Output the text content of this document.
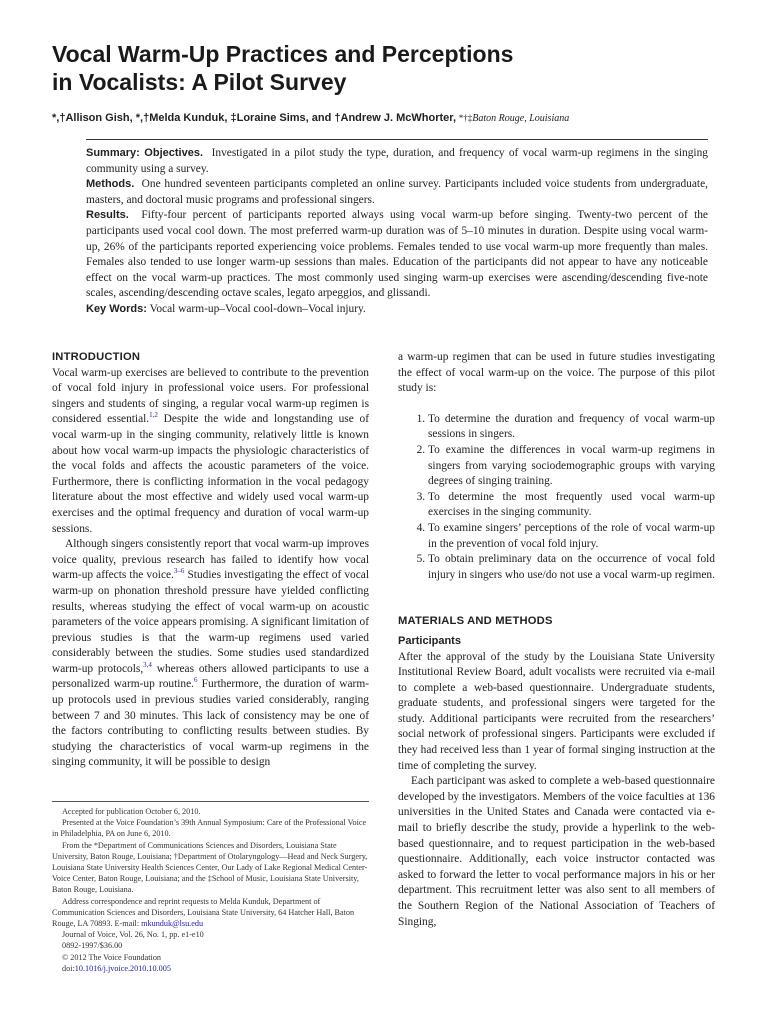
Vocal Warm-Up Practices and Perceptions
in Vocalists: A Pilot Survey
*,†Allison Gish, *,†Melda Kunduk, ‡Loraine Sims, and †Andrew J. McWhorter, *†‡Baton Rouge, Louisiana

Summary: Objectives. Investigated in a pilot study the type, duration, and frequency of vocal warm-up regimens in the singing community using a survey.

Methods. One hundred seventeen participants completed an online survey. Participants included voice students from undergraduate, masters, and doctoral music programs and professional singers.

Results. Fifty-four percent of participants reported always using vocal warm-up before singing. Twenty-two percent of the participants used vocal cool down. The most preferred warm-up duration was of 5–10 minutes in duration. Despite using vocal warm-up, 26% of the participants reported experiencing voice problems. Females tended to use vocal warm-up more frequently than males. Females also tended to use longer warm-up sessions than males. Education of the participants did not appear to have any noticeable effect on the vocal warm-up practices. The most commonly used singing warm-up exercises were ascending/descending five-note scales, ascending/descending octave scales, legato arpeggios, and glissandi.

Key Words: Vocal warm-up–Vocal cool-down–Vocal injury.

INTRODUCTION

Vocal warm-up exercises are believed to contribute to the prevention of vocal fold injury in professional voice users. For professional singers and students of singing, a regular vocal warm-up regimen is considered essential.$^{1,2}$ Despite the wide and longstanding use of vocal warm-up in the singing community, relatively little is known about how vocal warm-up impacts the physiologic characteristics of the vocal folds and affects the acoustic parameters of the voice. Furthermore, there is conflicting information in the vocal pedagogy literature about the most effective and widely used vocal warm-up exercises and the optimal frequency and duration of vocal warm-up sessions.

Although singers consistently report that vocal warm-up improves voice quality, previous research has failed to identify how vocal warm-up affects the voice.$^{3-6}$ Studies investigating the effect of vocal warm-up on phonation threshold pressure have yielded conflicting results, whereas studying the effect of vocal warm-up on acoustic parameters of the voice appears promising. A significant limitation of previous studies is that the warm-up regimens used varied considerably between the studies. Some studies used standardized warm-up protocols,$^{3,4}$ whereas others allowed participants to use a personalized warm-up routine.$^6$ Furthermore, the duration of warm-up protocols used in previous studies varied considerably, ranging between 7 and 30 minutes. This lack of consistency may be one of the factors contributing to conflicting results between studies. By studying the characteristics of vocal warm-up regimens in the singing community, it will be possible to design

Accepted for publication October 6, 2010.

Presented at the Voice Foundation’s 39th Annual Symposium: Care of the Professional Voice in Philadelphia, PA on June 6, 2010.

From the *Department of Communications Sciences and Disorders, Louisiana State University, Baton Rouge, Louisiana; †Department of Otolaryngology—Head and Neck Surgery, Louisiana State University Health Sciences Center, Our Lady of Lake Regional Medical Center-Voice Center, Baton Rouge, Louisiana; and the ‡School of Music, Louisiana State University, Baton Rouge, Louisiana.

Address correspondence and reprint requests to Melda Kunduk, Department of Communication Sciences and Disorders, Louisiana State University, 64 Hatcher Hall, Baton Rouge, LA 70893. E-mail: mkunduk@lsu.edu

Journal of Voice, Vol. 26, No. 1, pp. e1-e10

0892-1997/$36.00

© 2012 The Voice Foundation

doi:10.1016/j.jvoice.2010.10.005

a warm-up regimen that can be used in future studies investigating the effect of vocal warm-up on the voice. The purpose of this pilot study is:

1. To determine the duration and frequency of vocal warm-up sessions in singers.
2. To examine the differences in vocal warm-up regimens in singers from varying sociodemographic groups with varying degrees of singing training.
3. To determine the most frequently used vocal warm-up exercises in the singing community.
4. To examine singers’ perceptions of the role of vocal warm-up in the prevention of vocal fold injury.
5. To obtain preliminary data on the occurrence of vocal fold injury in singers who use/do not use a vocal warm-up regimen.
MATERIALS AND METHODS
Participants

After the approval of the study by the Louisiana State University Institutional Review Board, adult vocalists were recruited via e-mail to complete a web-based questionnaire. Undergraduate students, graduate students, and professional singers were targeted for the study. Additional participants were recruited from the researchers’ social network of professional singers. Participants were excluded if they had received less than 1 year of formal singing instruction at the time of completing the survey.

Each participant was asked to complete a web-based questionnaire developed by the investigators. Members of the voice faculties at 136 universities in the United States and Canada were contacted via e-mail to briefly describe the study, provide a hyperlink to the web-based questionnaire, and to request participation in the web-based questionnaire. Additionally, each voice instructor contacted was asked to forward the letter to vocal performance majors in his or her department. This recruitment letter was also sent to all members of the Southern Region of the National Association of Teachers of Singing,
